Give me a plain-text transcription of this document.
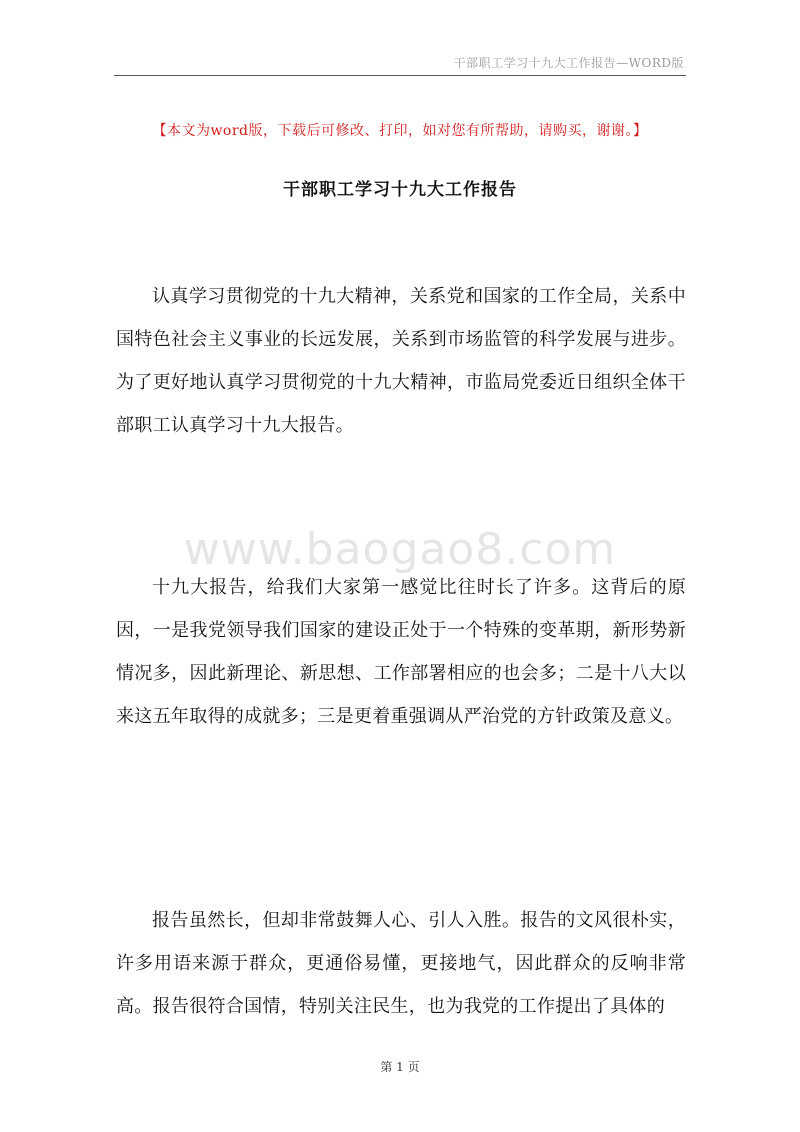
干部职工学习十九大工作报告—WORD版
【本文为word版，下载后可修改、打印，如对您有所帮助，请购买，谢谢。】
干部职工学习十九大工作报告

认真学习贯彻党的十九大精神，关系党和国家的工作全局，关系中国特色社会主义事业的长远发展，关系到市场监管的科学发展与进步。为了更好地认真学习贯彻党的十九大精神，市监局党委近日组织全体干部职工认真学习十九大报告。

www.baogao8.com

十九大报告，给我们大家第一感觉比往时长了许多。这背后的原因，一是我党领导我们国家的建设正处于一个特殊的变革期，新形势新情况多，因此新理论、新思想、工作部署相应的也会多；二是十八大以来这五年取得的成就多；三是更着重强调从严治党的方针政策及意义。

报告虽然长，但却非常鼓舞人心、引人入胜。报告的文风很朴实，许多用语来源于群众，更通俗易懂，更接地气，因此群众的反响非常高。报告很符合国情，特别关注民生，也为我党的工作提出了具体的

第 1 页
